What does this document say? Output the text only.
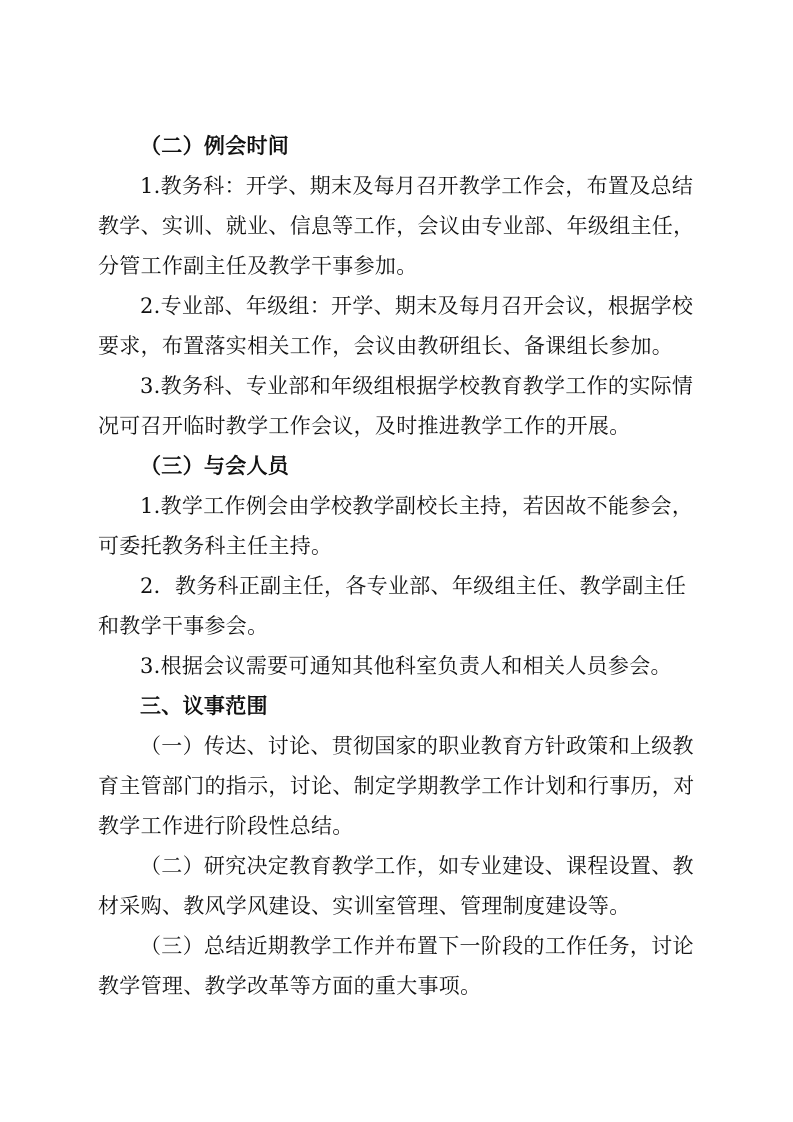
（二）例会时间
1.教务科：开学、期末及每月召开教学工作会，布置及总结
教学、实训、就业、信息等工作，会议由专业部、年级组主任，
分管工作副主任及教学干事参加。
2.专业部、年级组：开学、期末及每月召开会议，根据学校
要求，布置落实相关工作，会议由教研组长、备课组长参加。
3.教务科、专业部和年级组根据学校教育教学工作的实际情
况可召开临时教学工作会议，及时推进教学工作的开展。
（三）与会人员
1.教学工作例会由学校教学副校长主持，若因故不能参会，
可委托教务科主任主持。
2．教务科正副主任，各专业部、年级组主任、教学副主任
和教学干事参会。
3.根据会议需要可通知其他科室负责人和相关人员参会。
三、议事范围
（一）传达、讨论、贯彻国家的职业教育方针政策和上级教
育主管部门的指示，讨论、制定学期教学工作计划和行事历，对
教学工作进行阶段性总结。
（二）研究决定教育教学工作，如专业建设、课程设置、教
材采购、教风学风建设、实训室管理、管理制度建设等。
（三）总结近期教学工作并布置下一阶段的工作任务，讨论
教学管理、教学改革等方面的重大事项。
